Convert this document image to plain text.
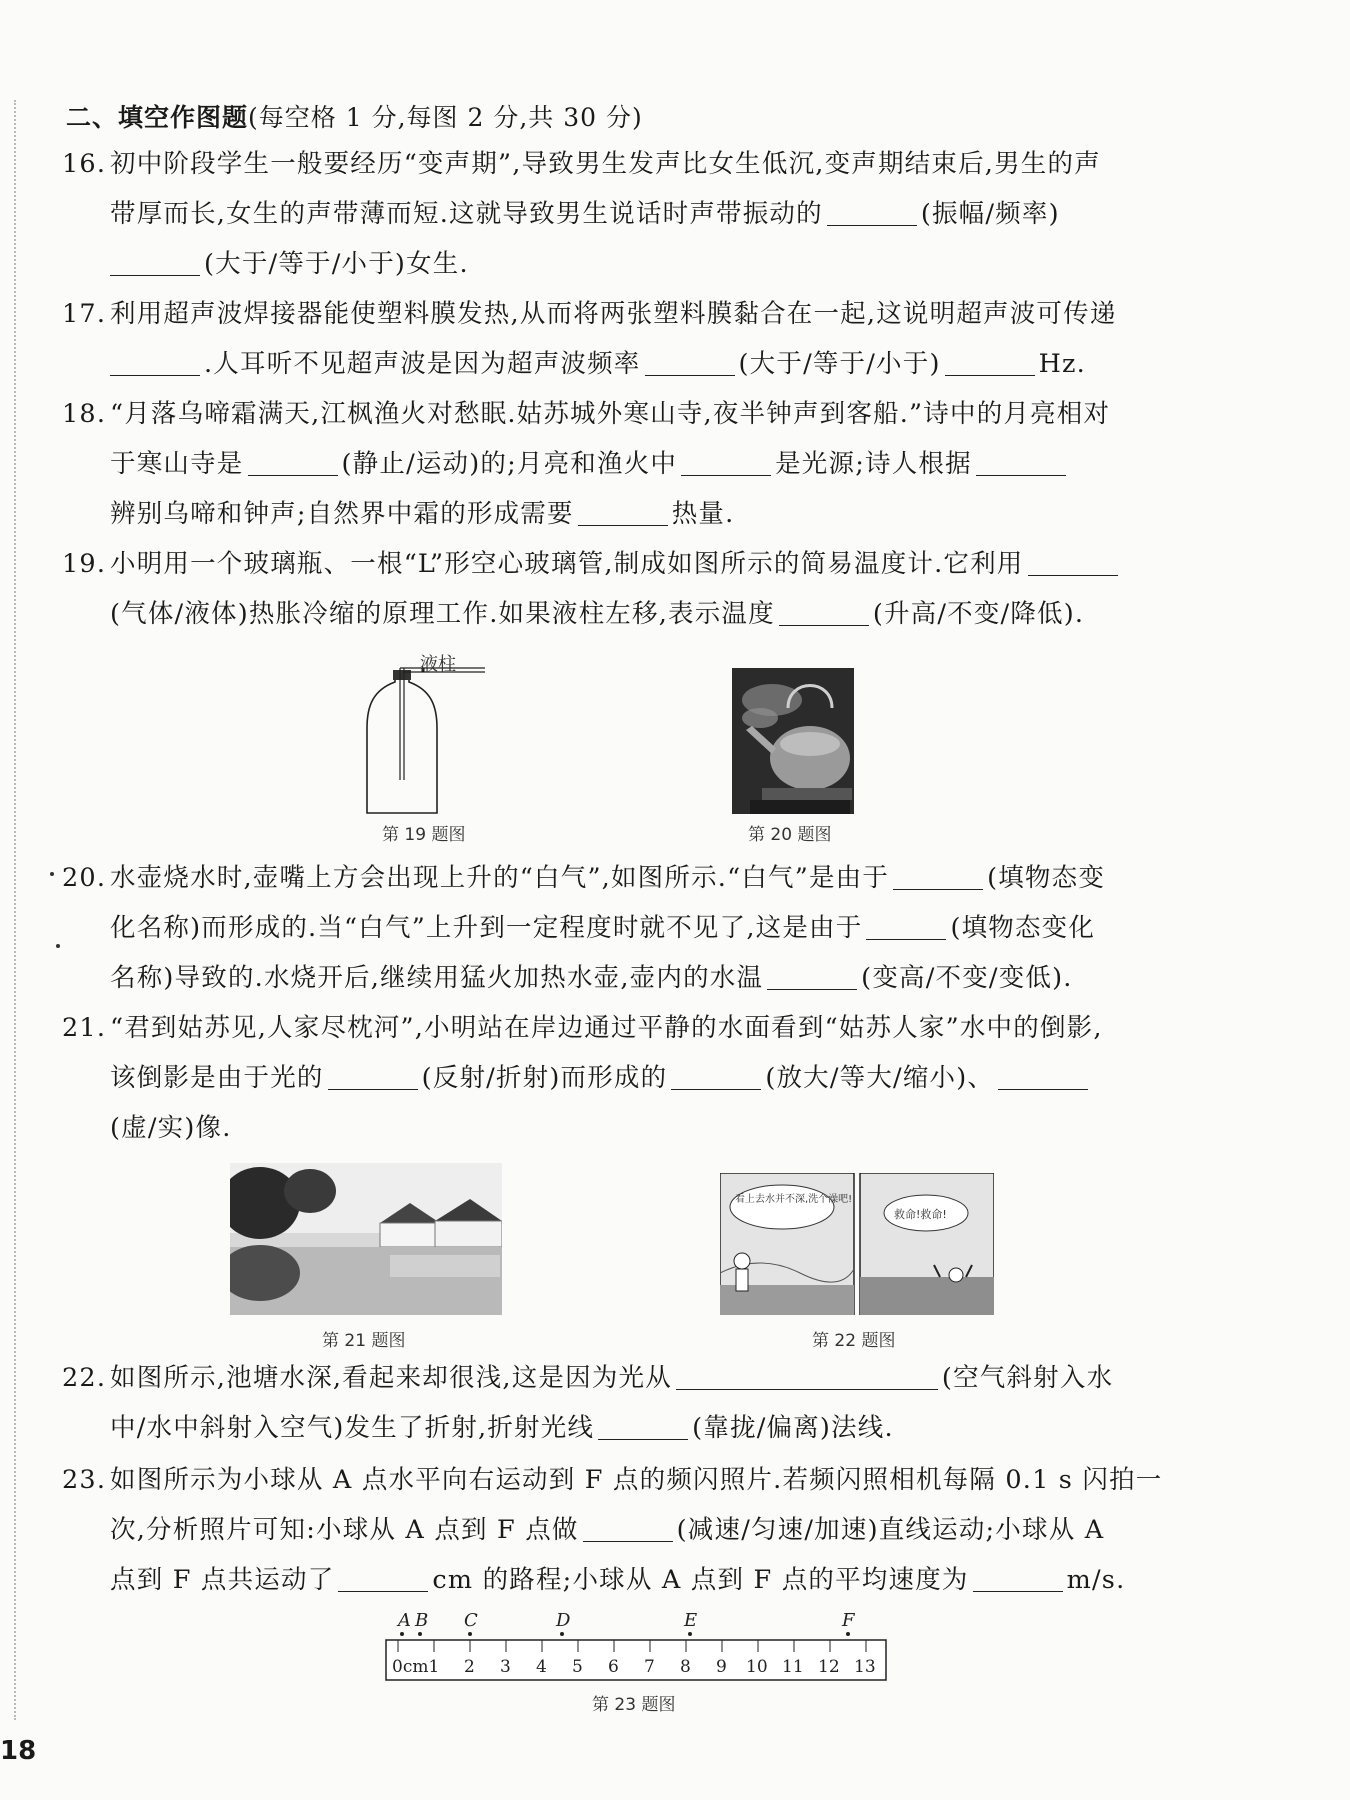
二、填空作图题(每空格 1 分,每图 2 分,共 30 分)
16. 初中阶段学生一般要经历“变声期”,导致男生发声比女生低沉,变声期结束后,男生的声
带厚而长,女生的声带薄而短.这就导致男生说话时声带振动的	(振幅/频率)
(大于/等于/小于)女生.
17. 利用超声波焊接器能使塑料膜发热,从而将两张塑料膜黏合在一起,这说明超声波可传递
.人耳听不见超声波是因为超声波频率	(大于/等于/小于)	Hz.
18. “月落乌啼霜满天,江枫渔火对愁眠.姑苏城外寒山寺,夜半钟声到客船.”诗中的月亮相对
于寒山寺是	(静止/运动)的;月亮和渔火中	是光源;诗人根据
辨别乌啼和钟声;自然界中霜的形成需要	热量.
19. 小明用一个玻璃瓶、一根“L”形空心玻璃管,制成如图所示的简易温度计.它利用
(气体/液体)热胀冷缩的原理工作.如果液柱左移,表示温度	(升高/不变/降低).
液柱
第 19 题图	第 20 题图
20. 水壶烧水时,壶嘴上方会出现上升的“白气”,如图所示.“白气”是由于	(填物态变
化名称)而形成的.当“白气”上升到一定程度时就不见了,这是由于	(填物态变化
名称)导致的.水烧开后,继续用猛火加热水壶,壶内的水温	(变高/不变/变低).
21. “君到姑苏见,人家尽枕河”,小明站在岸边通过平静的水面看到“姑苏人家”水中的倒影,
该倒影是由于光的	(反射/折射)而形成的	(放大/等大/缩小)、
(虚/实)像.
第 21 题图
看上去水并不深,洗个澡吧!
救命!救命!
第 22 题图
22. 如图所示,池塘水深,看起来却很浅,这是因为光从	(空气斜射入水
中/水中斜射入空气)发生了折射,折射光线	(靠拢/偏离)法线.
23. 如图所示为小球从 A 点水平向右运动到 F 点的频闪照片.若频闪照相机每隔 0.1 s 闪拍一
次,分析照片可知:小球从 A 点到 F 点做	(减速/匀速/加速)直线运动;小球从 A
点到 F 点共运动了	cm 的路程;小球从 A 点到 F 点的平均速度为	m/s.
A B C	D	E	F
0cm1 2 3 4 5 6 7 8 9 10 11 12 13
第 23 题图
18
